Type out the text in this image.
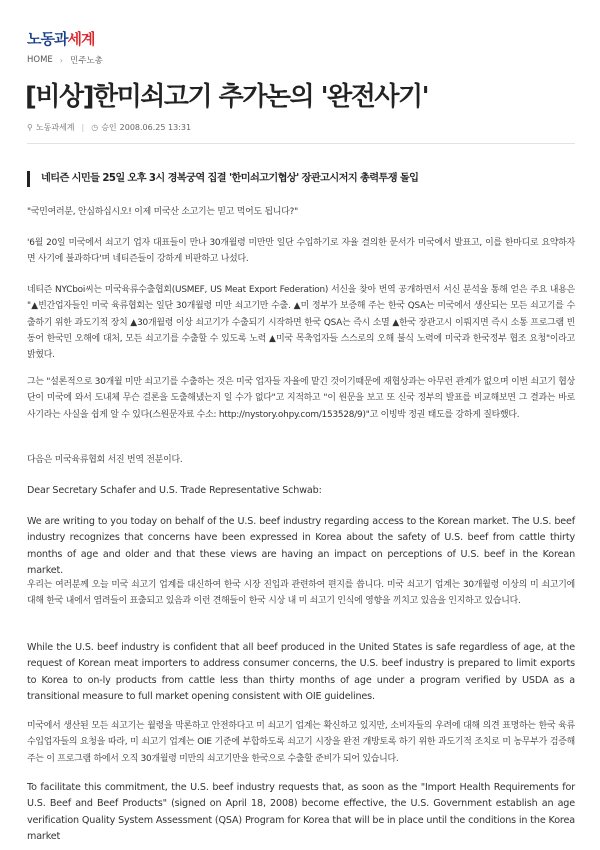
노동과 세계
HOME › 민주노총
[비상]한미쇠고기 추가논의 '완전사기'
⚲ 노동과세계 | ◷ 승인 2008.06.25 13:31
네티즌 시민들 25일 오후 3시 경복궁역 집결 '한미쇠고기협상' 장관고시저지 총력투쟁 돌입

"국민여러분, 안심하십시오! 이제 미국산 소고기는 믿고 먹어도 됩니다?"

'6월 20일 미국에서 쇠고기 업자 대표들이 만나 30개월령 미만만 일단 수입하기로 자율 결의한 문서가 미국에서 발표고, 이를 한마디로 요약하자면 사기에 불과하다'며 네티즌들이 강하게 비판하고 나섰다.

네티즌 NYCboi씨는 미국육류수출협회(USMEF, US Meat Export Federation) 서신을 찾아 번역 공개하면서 서신 분석을 통해 얻은 주요 내용은 "▲빈간업자들인 미국 육류협회는 일단 30개월령 미만 쇠고기만 수출. ▲미 정부가 보증해 주는 한국 QSA는 미국에서 생산되는 모든 쇠고기를 수출하기 위한 과도기적 장치 ▲30개월령 이상 쇠고기가 수출되기 시작하면 한국 QSA는 즉시 소멸 ▲한국 장관고시 이뤄지면 즉시 소통 프로그램 빈동어 한국민 오해에 대처, 모든 쇠고기를 수출할 수 있도록 노력 ▲미국 목축업자들 스스로의 오해 불식 노력에 미국과 한국정부 협조 요청"이라고 밝혔다.

그는 "설론적으로 30개월 미만 쇠고기를 수출하는 것은 미국 업자들 자율에 맡긴 것이기때문에 재협상과는 아무런 관계가 없으며 이번 쇠고기 협상단이 미국에 와서 도내체 무슨 걸론을 도출해냈는지 일 수가 없다"고 지적하고 "이 원문을 보고 또 신국 정부의 발표를 비교해보면 그 결과는 바로 사기라는 사실을 쉽게 알 수 있다(스원문자료 수소: http://nystory.ohpy.com/153528/9)"고 이빙박 정권 태도를 강하게 질타했다.

다음은 미국육류협회 서진 번역 전분이다.

Dear Secretary Schafer and U.S. Trade Representative Schwab:

We are writing to you today on behalf of the U.S. beef industry regarding access to the Korean market. The U.S. beef industry recognizes that concerns have been expressed in Korea about the safety of U.S. beef from cattle thirty months of age and older and that these views are having an impact on perceptions of U.S. beef in the Korean market.

우리는 여러분께 오늘 미국 쇠고기 업계를 대신하여 한국 시장 진입과 관련하여 편지를 씁니다. 미국 쇠고기 업계는 30개월령 이상의 미 쇠고기에 대해 한국 내에서 염려들이 표출되고 있음과 이런 견해들이 한국 시상 내 미 쇠고기 인식에 영향을 끼치고 있음을 인지하고 있습니다.

While the U.S. beef industry is confident that all beef produced in the United States is safe regardless of age, at the request of Korean meat importers to address consumer concerns, the U.S. beef industry is prepared to limit exports to Korea to on-ly products from cattle less than thirty months of age under a program verified by USDA as a transitional measure to full market opening consistent with OIE guidelines.

미국에서 생산된 모든 쇠고기는 월령을 막론하고 안전하다고 미 쇠고기 업계는 확신하고 있지만, 소비자들의 우려에 대해 의견 표명하는 한국 육류 수입업자들의 요청을 따라, 미 쇠고기 업계는 OIE 기준에 부합하도록 쇠고기 시장을 완전 개방토록 하기 위한 과도기적 조치로 미 농무부가 검증해 주는 이 프로그램 하에서 오직 30개월령 미만의 쇠고기만을 한국으로 수출할 준비가 되어 있습니다.

To facilitate this commitment, the U.S. beef industry requests that, as soon as the "Import Health Requirements for U.S. Beef and Beef Products" (signed on April 18, 2008) become effective, the U.S. Government establish an age verification Quality System Assessment (QSA) Program for Korea that will be in place until the conditions in the Korea market
